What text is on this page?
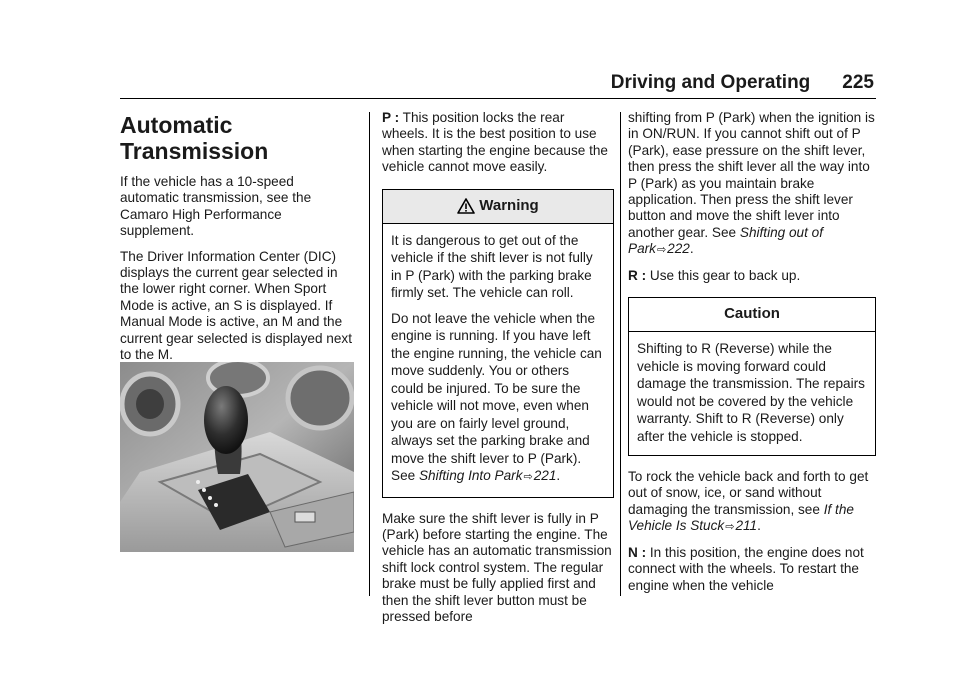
Driving and Operating 225
Automatic
Transmission

If the vehicle has a 10-speed automatic transmission, see the Camaro High Performance supplement.

The Driver Information Center (DIC) displays the current gear selected in the lower right corner. When Sport Mode is active, an S is displayed. If Manual Mode is active, an M and the current gear selected is displayed next to the M.

P : This position locks the rear wheels. It is the best position to use when starting the engine because the vehicle cannot move easily.

Warning

It is dangerous to get out of the vehicle if the shift lever is not fully in P (Park) with the parking brake firmly set. The vehicle can roll.

Do not leave the vehicle when the engine is running. If you have left the engine running, the vehicle can move suddenly. You or others could be injured. To be sure the vehicle will not move, even when you are on fairly level ground, always set the parking brake and move the shift lever to P (Park). See Shifting Into Park⇨221.

Make sure the shift lever is fully in P (Park) before starting the engine. The vehicle has an automatic transmission shift lock control system. The regular brake must be fully applied first and then the shift lever button must be pressed before

shifting from P (Park) when the ignition is in ON/RUN. If you cannot shift out of P (Park), ease pressure on the shift lever, then press the shift lever all the way into P (Park) as you maintain brake application. Then press the shift lever button and move the shift lever into another gear. See Shifting out of Park⇨222.

R : Use this gear to back up.

Caution

Shifting to R (Reverse) while the vehicle is moving forward could damage the transmission. The repairs would not be covered by the vehicle warranty. Shift to R (Reverse) only after the vehicle is stopped.

To rock the vehicle back and forth to get out of snow, ice, or sand without damaging the transmission, see If the Vehicle Is Stuck⇨211.

N : In this position, the engine does not connect with the wheels. To restart the engine when the vehicle
